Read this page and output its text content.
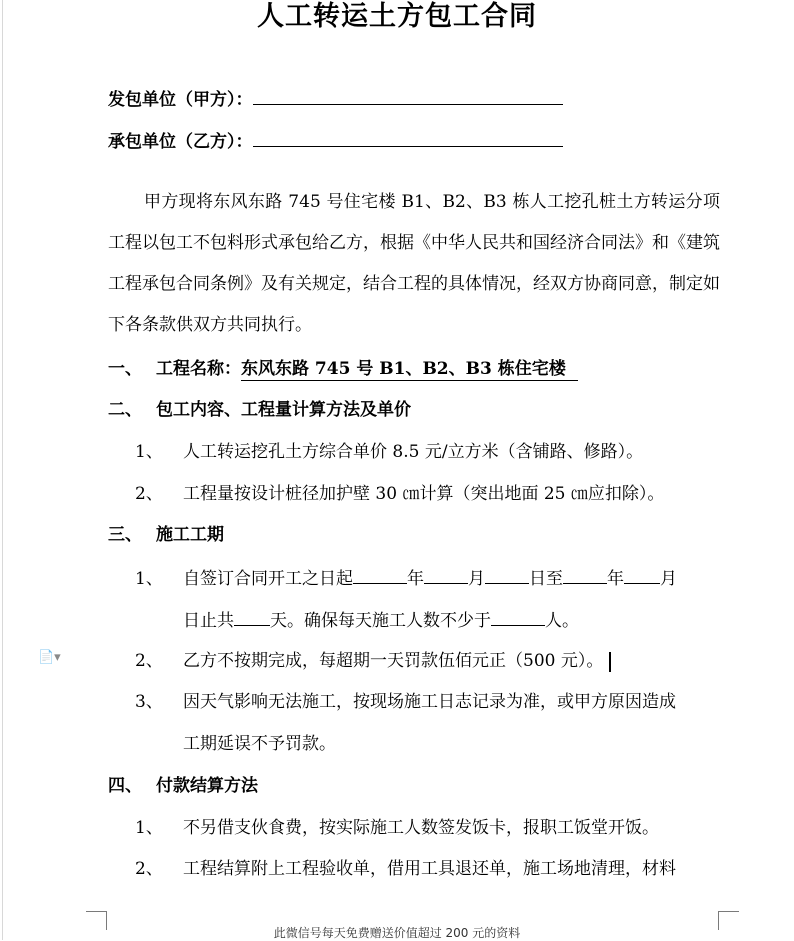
人工转运土方包工合同
发包单位（甲方）：
承包单位（乙方）：
甲方现将东风东路 745 号住宅楼 B1、B2、B3 栋人工挖孔桩土方转运分项工程以包工不包料形式承包给乙方，根据《中华人民共和国经济合同法》和《建筑工程承包合同条例》及有关规定，结合工程的具体情况，经双方协商同意，制定如下各条款供双方共同执行。
一、 工程名称：东风东路 745 号 B1、B2、B3 栋住宅楼
二、 包工内容、工程量计算方法及单价
1、 人工转运挖孔土方综合单价 8.5 元/立方米（含铺路、修路）。
2、 工程量按设计桩径加护壁 30 ㎝计算（突出地面 25 ㎝应扣除）。
三、 施工工期
1、 自签订合同开工之日起	年	月	日至	年 月
日止共 天。确保每天施工人数不少于	人。
📄▾	2、 乙方不按期完成，每超期一天罚款伍佰元正（500 元）。
3、 因天气影响无法施工，按现场施工日志记录为准，或甲方原因造成
工期延误不予罚款。
四、 付款结算方法
1、 不另借支伙食费，按实际施工人数签发饭卡，报职工饭堂开饭。
2、 工程结算附上工程验收单，借用工具退还单，施工场地清理，材料
此微信号每天免费赠送价值超过 200 元的资料
